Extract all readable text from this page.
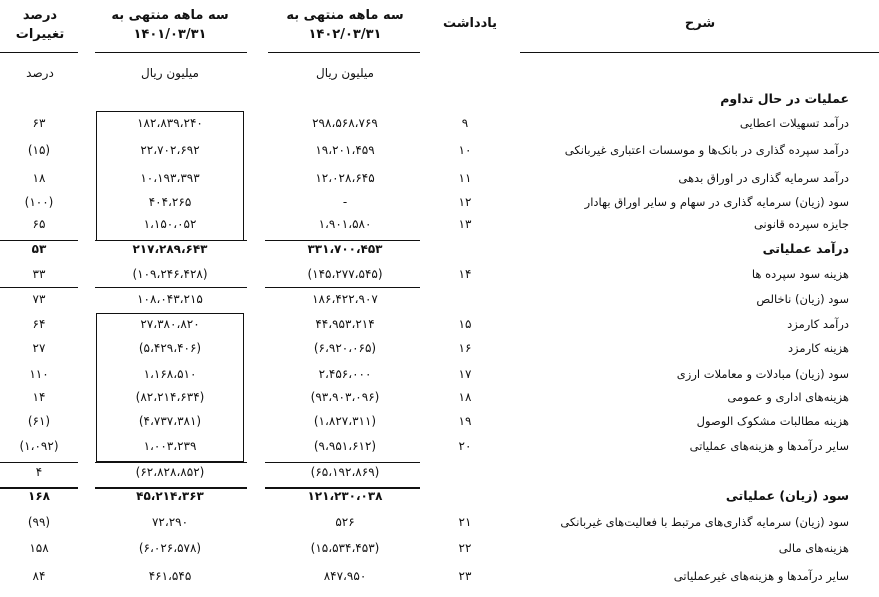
شرح
یادداشت
سه ماهه منتهی به
۱۴۰۲/۰۳/۳۱
سه ماهه منتهی به
۱۴۰۱/۰۳/۳۱
درصد
تغییرات
میلیون ریال
میلیون ریال
درصد
عملیات در حال تداوم
درآمد تسهیلات اعطایی
۹
۲۹۸،۵۶۸،۷۶۹
۱۸۲،۸۳۹،۲۴۰
۶۳
درآمد سپرده گذاری در بانک‌ها و موسسات اعتباری غیربانکی
۱۰
۱۹،۲۰۱،۴۵۹
۲۲،۷۰۲،۶۹۲
(۱۵)
درآمد سرمایه گذاری در اوراق بدهی
۱۱
۱۲،۰۲۸،۶۴۵
۱۰،۱۹۳،۳۹۳
۱۸
سود (زیان) سرمایه گذاری در سهام و سایر اوراق بهادار
۱۲
-
۴۰۴،۲۶۵
(۱۰۰)
جایزه سپرده قانونی
۱۳
۱،۹۰۱،۵۸۰
۱،۱۵۰،۰۵۲
۶۵
درآمد عملیاتی
۳۳۱،۷۰۰،۴۵۳
۲۱۷،۲۸۹،۶۴۳
۵۳
هزینه سود سپرده ها
۱۴
(۱۴۵،۲۷۷،۵۴۵)
(۱۰۹،۲۴۶،۴۲۸)
۳۳
سود (زیان) ناخالص
۱۸۶،۴۲۲،۹۰۷
۱۰۸،۰۴۳،۲۱۵
۷۳
درآمد کارمزد
۱۵
۴۴،۹۵۳،۲۱۴
۲۷،۳۸۰،۸۲۰
۶۴
هزینه کارمزد
۱۶
(۶،۹۲۰،۰۶۵)
(۵،۴۲۹،۴۰۶)
۲۷
سود (زیان) مبادلات و معاملات ارزی
۱۷
۲،۴۵۶،۰۰۰
۱،۱۶۸،۵۱۰
۱۱۰
هزینه‌های اداری و عمومی
۱۸
(۹۳،۹۰۳،۰۹۶)
(۸۲،۲۱۴،۶۳۴)
۱۴
هزینه مطالبات مشکوک الوصول
۱۹
(۱،۸۲۷،۳۱۱)
(۴،۷۳۷،۳۸۱)
(۶۱)
سایر درآمدها و هزینه‌های عملیاتی
۲۰
(۹،۹۵۱،۶۱۲)
۱،۰۰۳،۲۳۹
(۱،۰۹۲)
(۶۵،۱۹۲،۸۶۹)
(۶۲،۸۲۸،۸۵۲)
۴
سود (زیان) عملیاتی
۱۲۱،۲۳۰،۰۳۸
۴۵،۲۱۴،۳۶۳
۱۶۸
سود (زیان) سرمایه گذاری‌های مرتبط با فعالیت‌های غیربانکی
۲۱
۵۲۶
۷۲،۲۹۰
(۹۹)
هزینه‌های مالی
۲۲
(۱۵،۵۳۴،۴۵۳)
(۶،۰۲۶،۵۷۸)
۱۵۸
سایر درآمدها و هزینه‌های غیرعملیاتی
۲۳
۸۴۷،۹۵۰
۴۶۱،۵۴۵
۸۴
